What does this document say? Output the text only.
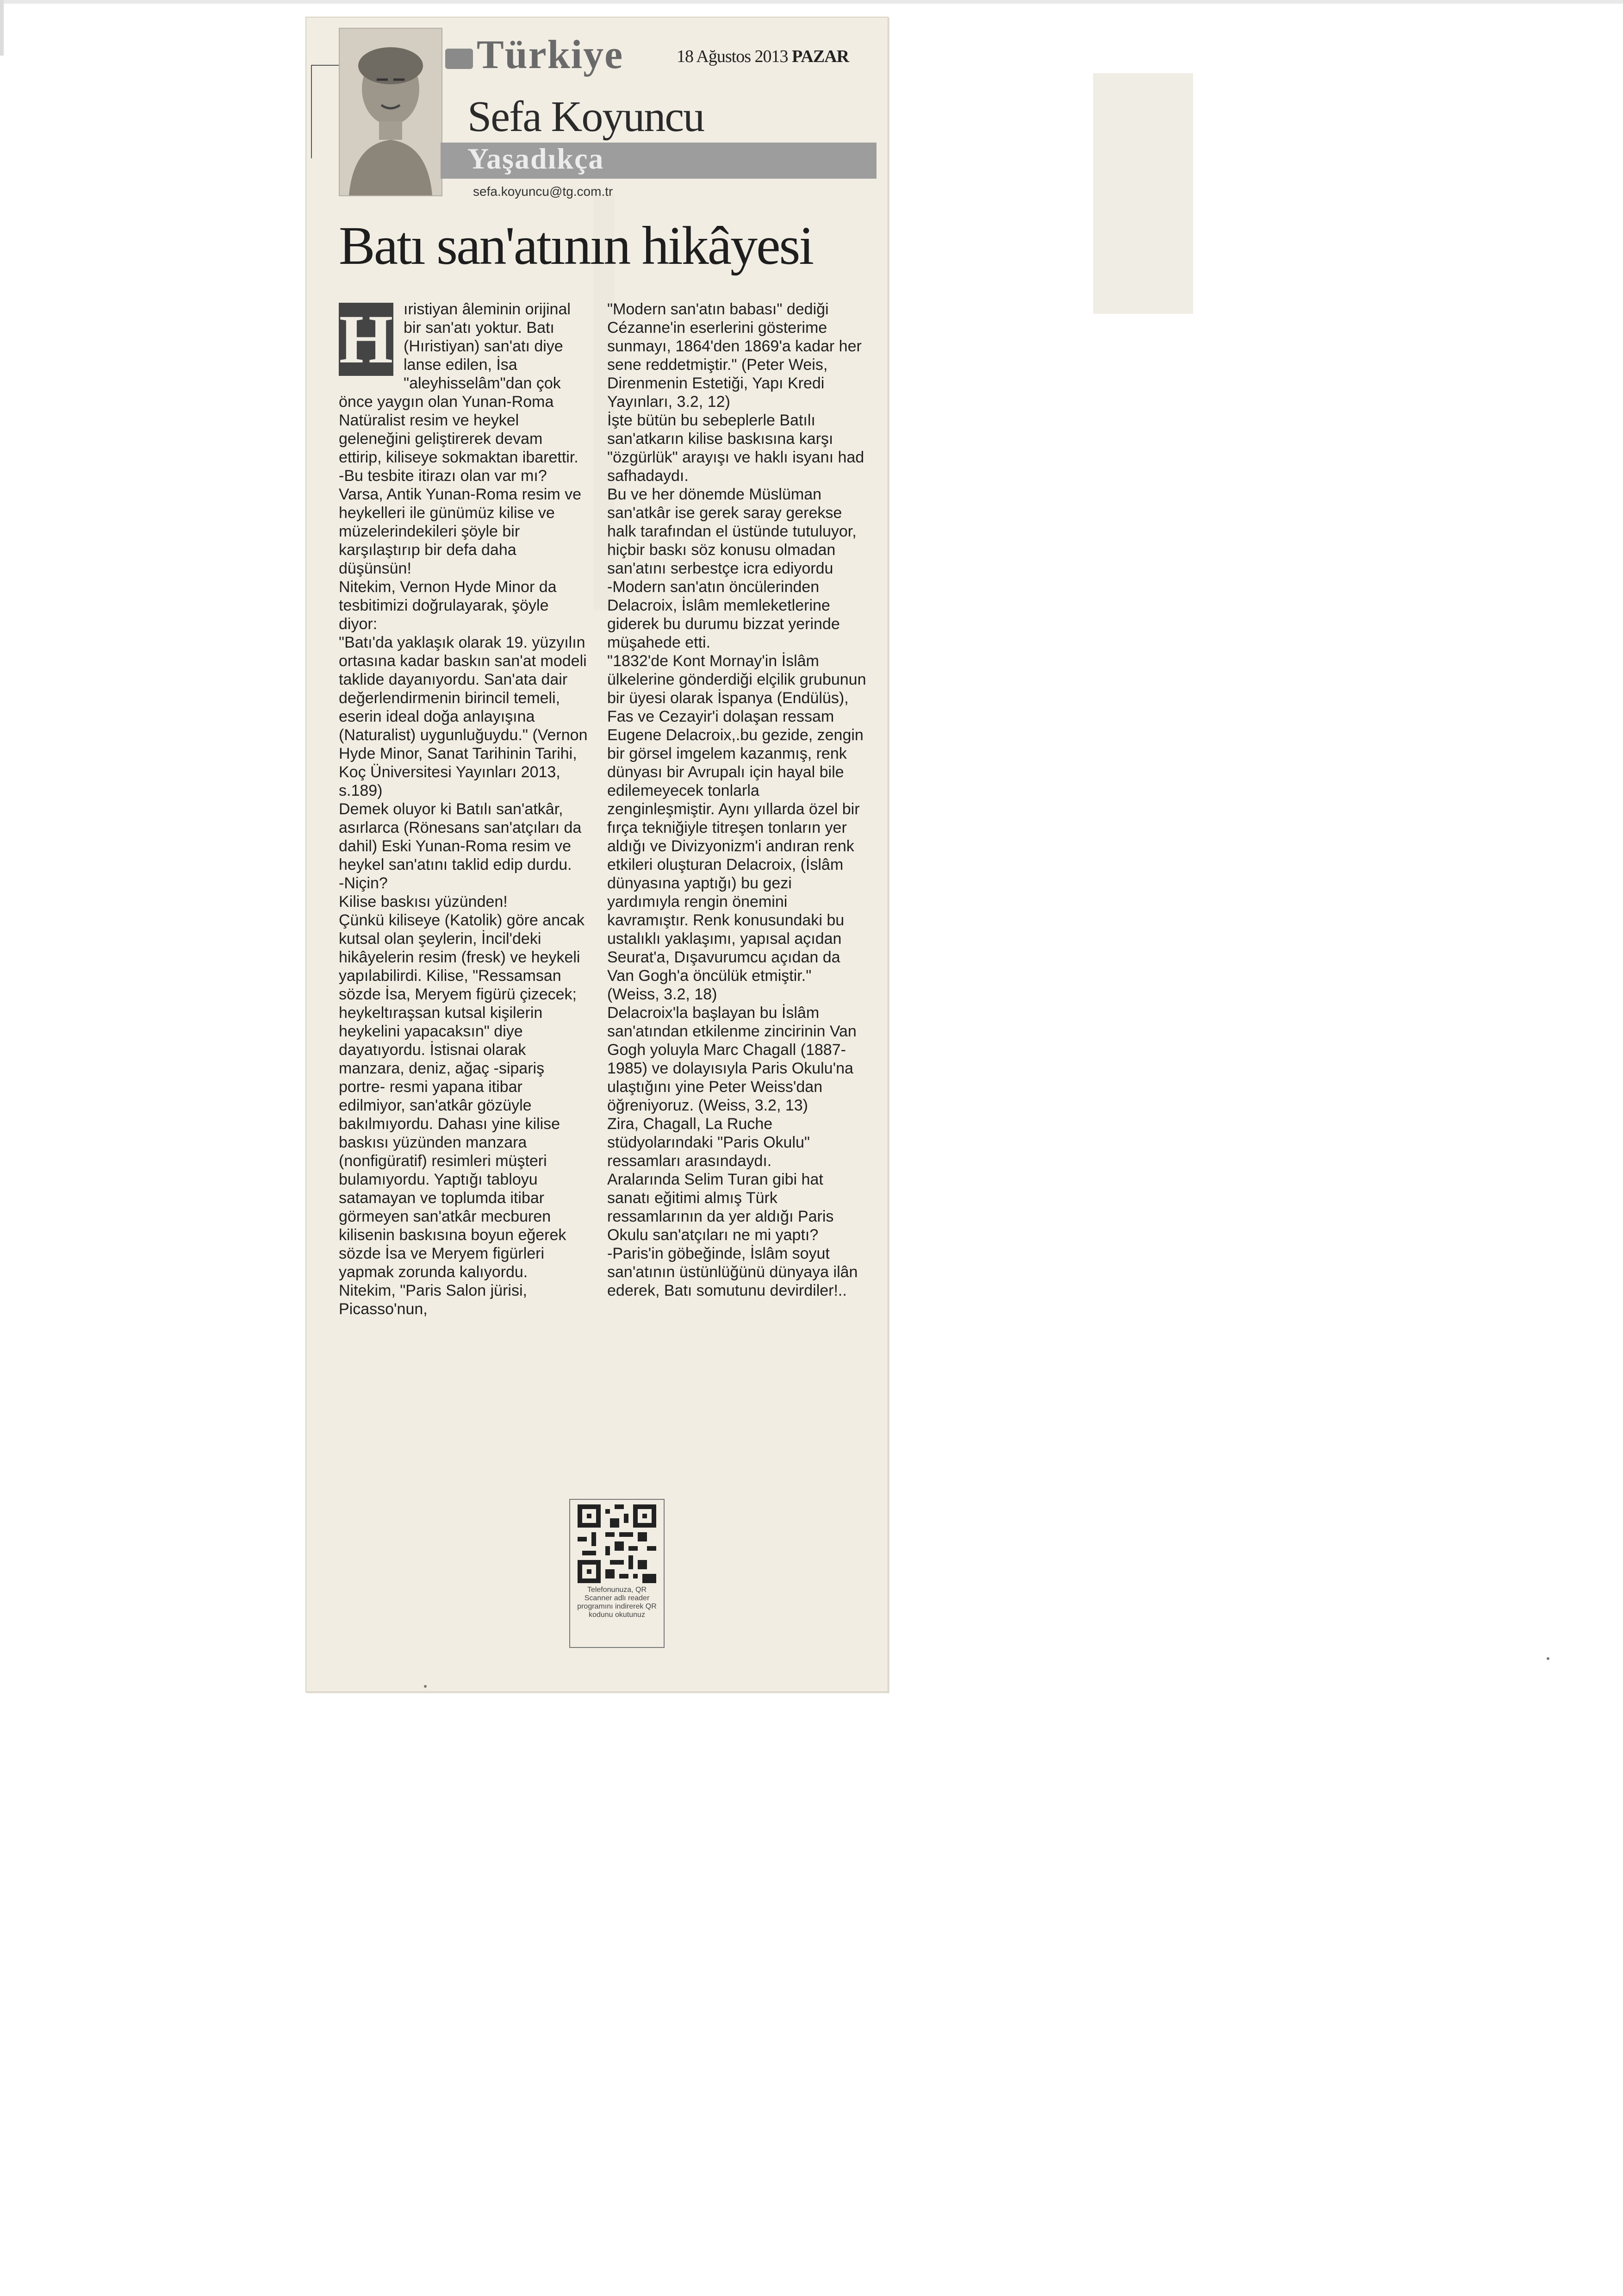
Türkiye	18 Ağustos 2013 PAZAR
Sefa Koyuncu
Yaşadıkça
sefa.koyuncu@tg.com.tr
Batı san'atının hikâyesi
H ıristiyan âleminin orijinal bir san'atı yoktur. Batı (Hıristiyan) san'atı diye lanse edilen, İsa "aleyhisselâm"dan çok önce yaygın olan Yunan-Roma Natüralist resim ve heykel geleneğini geliştirerek devam ettirip, kiliseye sokmaktan ibarettir.

-Bu tesbite itirazı olan var mı?

Varsa, Antik Yunan-Roma resim ve heykelleri ile günümüz kilise ve müzelerindekileri şöyle bir karşılaştırıp bir defa daha düşünsün!

Nitekim, Vernon Hyde Minor da tesbitimizi doğrulayarak, şöyle diyor:

"Batı'da yaklaşık olarak 19. yüzyılın ortasına kadar baskın san'at modeli taklide dayanıyordu. San'ata dair değerlendirmenin birincil temeli, eserin ideal doğa anlayışına (Naturalist) uygunluğuydu." (Vernon Hyde Minor, Sanat Tarihinin Tarihi, Koç Üniversitesi Yayınları 2013, s.189)

Demek oluyor ki Batılı san'atkâr, asırlarca (Rönesans san'atçıları da dahil) Eski Yunan-Roma resim ve heykel san'atını taklid edip durdu.

-Niçin?

Kilise baskısı yüzünden!

Çünkü kiliseye (Katolik) göre ancak kutsal olan şeylerin, İncil'deki hikâyelerin resim (fresk) ve heykeli yapılabilirdi. Kilise, "Ressamsan sözde İsa, Meryem figürü çizecek; heykeltıraşsan kutsal kişilerin heykelini yapacaksın" diye dayatıyordu. İstisnai olarak manzara, deniz, ağaç -sipariş portre- resmi yapana itibar edilmiyor, san'atkâr gözüyle bakılmıyordu. Dahası yine kilise baskısı yüzünden manzara (nonfigüratif) resimleri müşteri bulamıyordu. Yaptığı tabloyu satamayan ve toplumda itibar görmeyen san'atkâr mecburen kilisenin baskısına boyun eğerek sözde İsa ve Meryem figürleri yapmak zorunda kalıyordu.

Nitekim, "Paris Salon jürisi, Picasso'nun,

"Modern san'atın babası" dediği Cézanne'in eserlerini gösterime sunmayı, 1864'den 1869'a kadar her sene reddetmiştir." (Peter Weis, Direnmenin Estetiği, Yapı Kredi Yayınları, 3.2, 12)

İşte bütün bu sebeplerle Batılı san'atkarın kilise baskısına karşı "özgürlük" arayışı ve haklı isyanı had safhadaydı.

Bu ve her dönemde Müslüman san'atkâr ise gerek saray gerekse halk tarafından el üstünde tutuluyor, hiçbir baskı söz konusu olmadan san'atını serbestçe icra ediyordu

-Modern san'atın öncülerinden Delacroix, İslâm memleketlerine giderek bu durumu bizzat yerinde müşahede etti.

"1832'de Kont Mornay'in İslâm ülkelerine gönderdiği elçilik grubunun bir üyesi olarak İspanya (Endülüs), Fas ve Cezayir'i dolaşan ressam Eugene Delacroix,.bu gezide, zengin bir görsel imgelem kazanmış, renk dünyası bir Avrupalı için hayal bile edilemeyecek tonlarla zenginleşmiştir. Aynı yıllarda özel bir fırça tekniğiyle titreşen tonların yer aldığı ve Divizyonizm'i andıran renk etkileri oluşturan Delacroix, (İslâm dünyasına yaptığı) bu gezi yardımıyla rengin önemini kavramıştır. Renk konusundaki bu ustalıklı yaklaşımı, yapısal açıdan Seurat'a, Dışavurumcu açıdan da Van Gogh'a öncülük etmiştir." (Weiss, 3.2, 18)

Delacroix'la başlayan bu İslâm san'atından etkilenme zincirinin Van Gogh yoluyla Marc Chagall (1887-1985) ve dolayısıyla Paris Okulu'na ulaştığını yine Peter Weiss'dan öğreniyoruz. (Weiss, 3.2, 13)

Zira, Chagall, La Ruche stüdyolarındaki "Paris Okulu" ressamları arasındaydı.

Aralarında Selim Turan gibi hat sanatı eğitimi almış Türk ressamlarının da yer aldığı Paris Okulu san'atçıları ne mi yaptı?

-Paris'in göbeğinde, İslâm soyut san'atının üstünlüğünü dünyaya ilân ederek, Batı somutunu devirdiler!..

Telefonunuza, QR Scanner adlı reader programını indirerek QR kodunu okutunuz
